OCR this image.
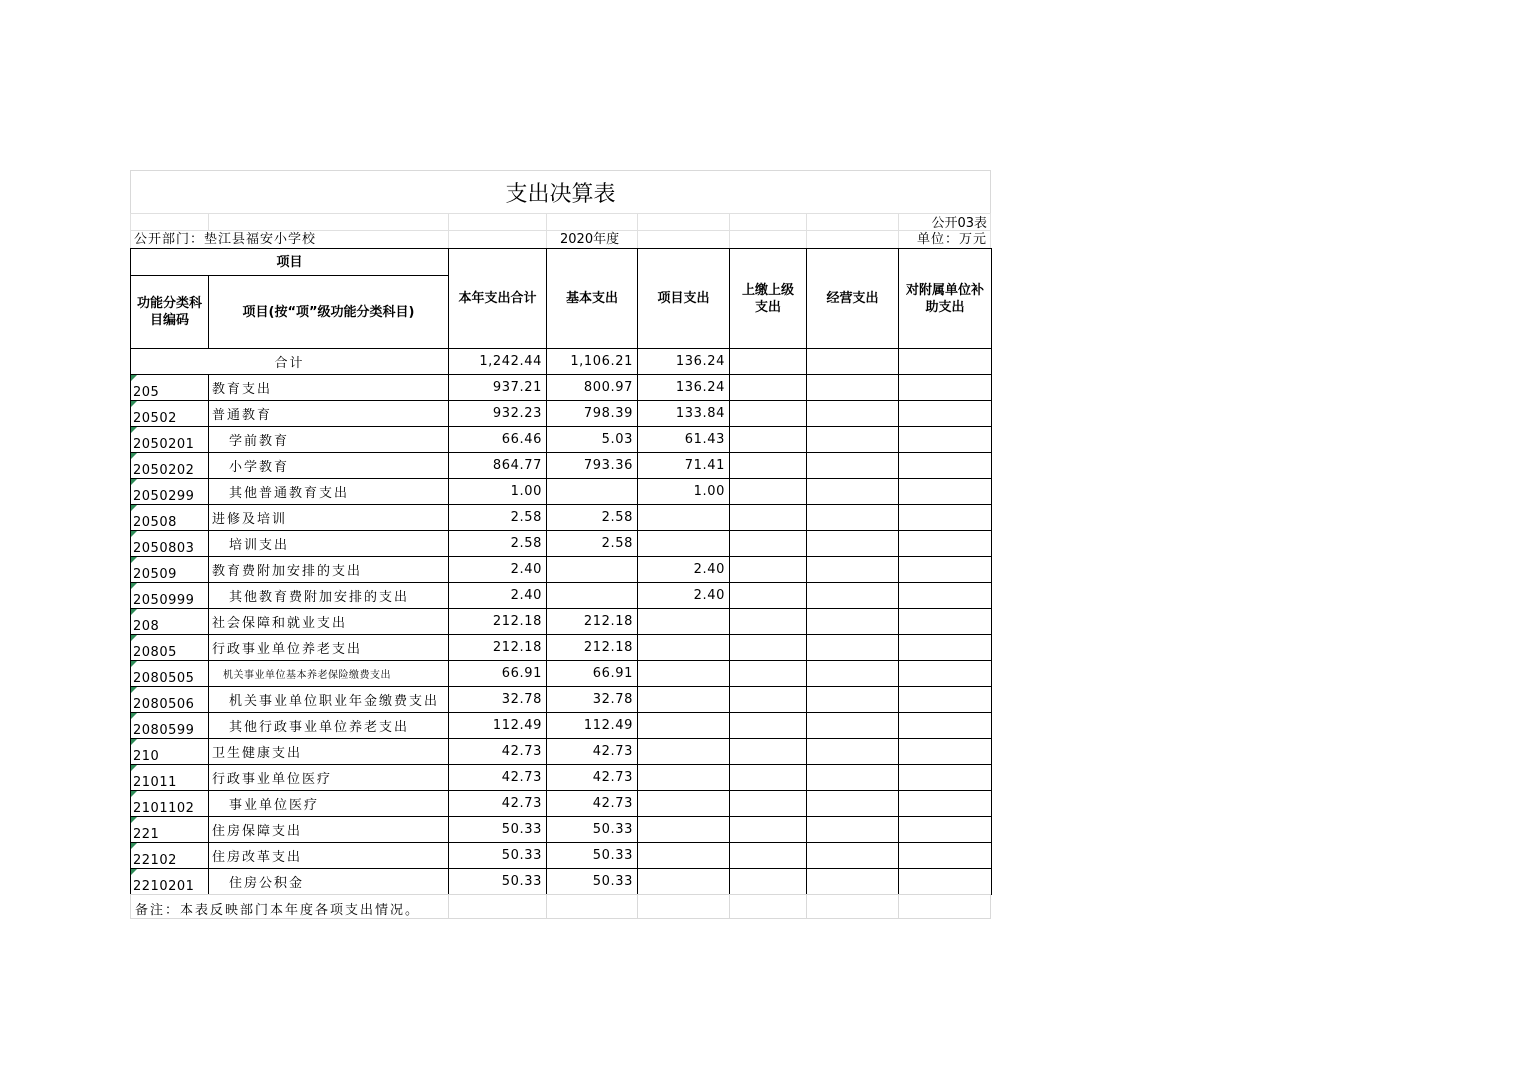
支出决算表
公开03表
公开部门：垫江县福安小学校	2020年度	单位：万元
项目		本年支出合计	基本支出	项目支出	上缴上级支出	经营支出	对附属单位补助支出
功能分类科目编码	项目(按“项”级功能分类科目)						
合计		1,242.44	1,106.21	136.24			

205	教育支出	937.21	800.97	136.24			

20502	普通教育	932.23	798.39	133.84			

2050201	学前教育	66.46	5.03	61.43			

2050202	小学教育	864.77	793.36	71.41			

2050299	其他普通教育支出	1.00		1.00			

20508	进修及培训	2.58	2.58				

2050803	培训支出	2.58	2.58				

20509	教育费附加安排的支出	2.40		2.40			

2050999	其他教育费附加安排的支出	2.40		2.40			

208	社会保障和就业支出	212.18	212.18				

20805	行政事业单位养老支出	212.18	212.18				

2080505	机关事业单位基本养老保险缴费支出	66.91	66.91				

2080506	机关事业单位职业年金缴费支出	32.78	32.78				

2080599	其他行政事业单位养老支出	112.49	112.49				

210	卫生健康支出	42.73	42.73				

21011	行政事业单位医疗	42.73	42.73				

2101102	事业单位医疗	42.73	42.73				

221	住房保障支出	50.33	50.33				

22102	住房改革支出	50.33	50.33				

2210201	住房公积金	50.33	50.33				
备注：本表反映部门本年度各项支出情况。
